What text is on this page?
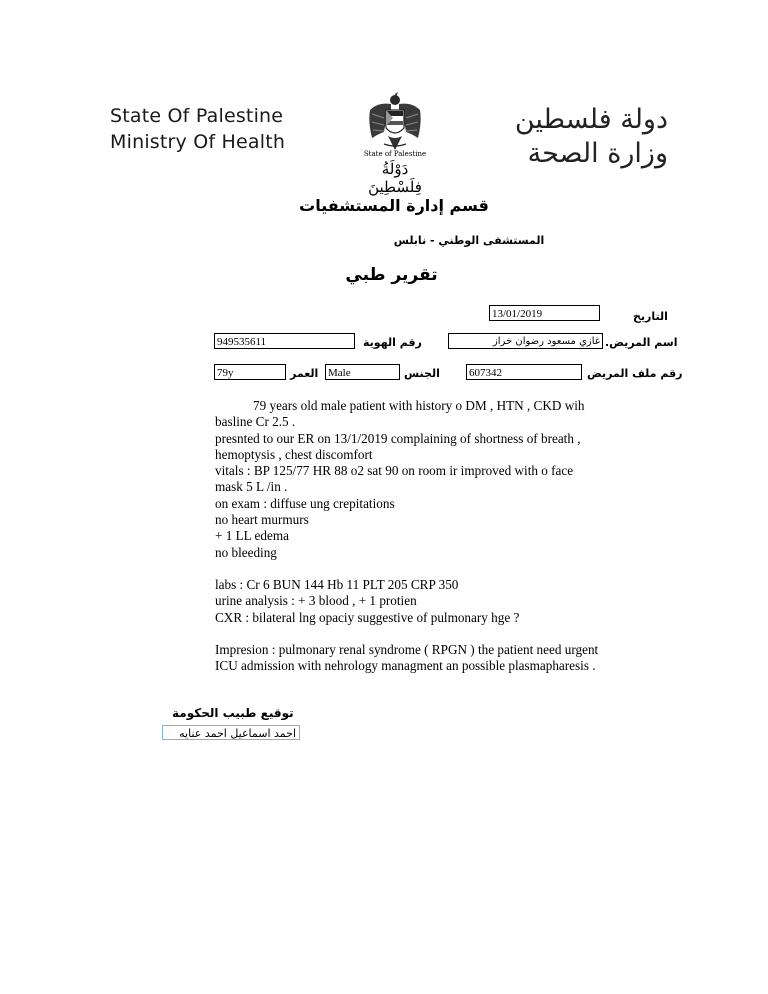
State Of Palestine
Ministry Of Health
دولة فلسطين
وزارة الصحة
State of Palestine
دَوْلَةُ فِلَسْطِينَ
قسم إدارة المستشفيات
المستشفى الوطني - نابلس
تقرير طبي
التاريخ
13/01/2019
اسم المريض.
غازي مسعود رضوان خراز
رقم الهوية
949535611
رقم ملف المريض
607342
الجنس
Male
العمر
79y

79 years old male patient with history o DM , HTN , CKD wih

basline Cr 2.5 .

presnted to our ER on 13/1/2019 complaining of shortness of breath ,

hemoptysis , chest discomfort

vitals : BP 125/77 HR 88 o2 sat 90 on room ir improved with o face

mask 5 L /in .

on exam : diffuse ung crepitations

no heart murmurs

+ 1 LL edema

no bleeding

labs : Cr 6 BUN 144 Hb 11 PLT 205 CRP 350

urine analysis : + 3 blood , + 1 protien

CXR : bilateral lng opaciy suggestive of pulmonary hge ?

Impresion : pulmonary renal syndrome ( RPGN ) the patient need urgent

ICU admission with nehrology managment an possible plasmapharesis .

توقيع طبيب الحكومة
احمد اسماعيل احمد عنايه
